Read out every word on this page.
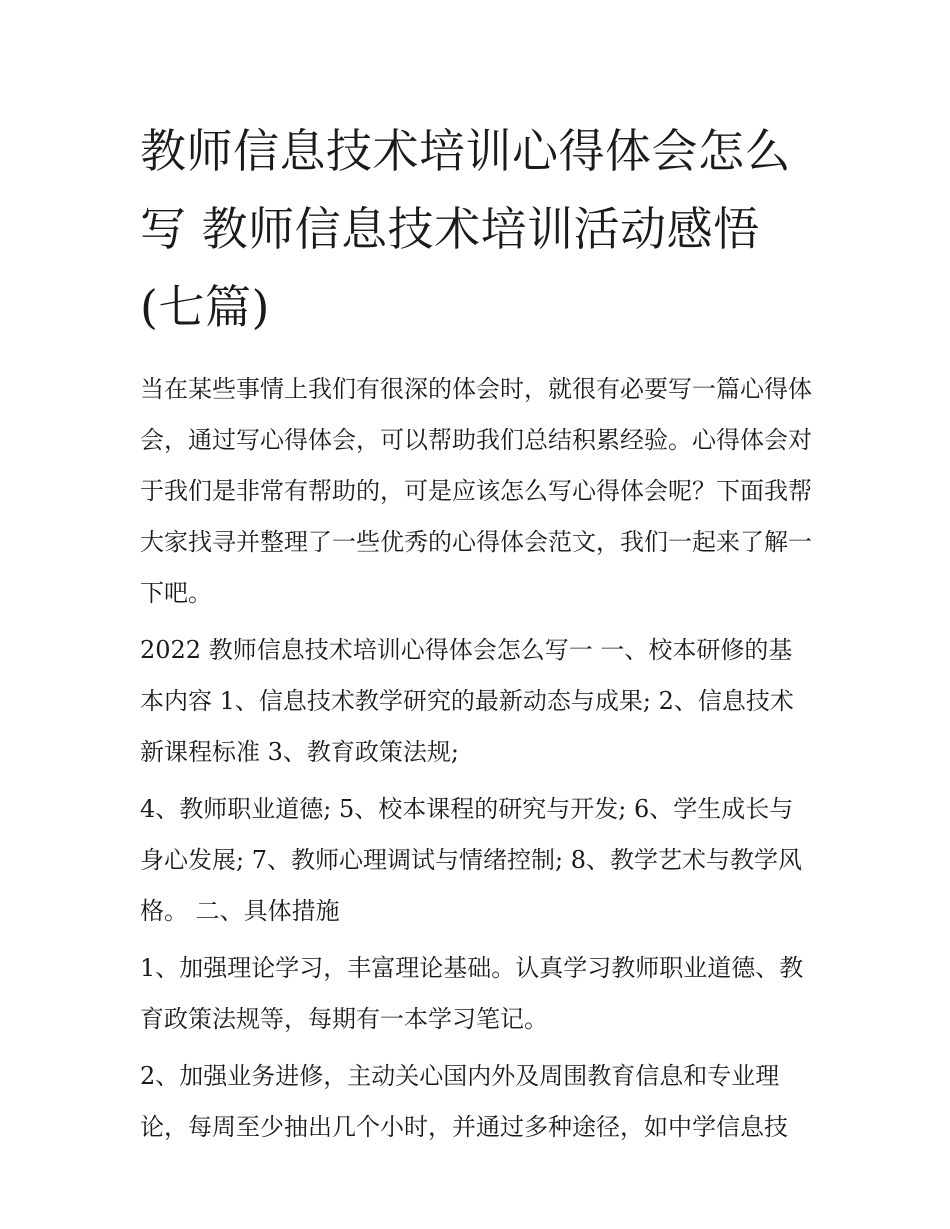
教师信息技术培训心得体会怎么写 教师信息技术培训活动感悟(七篇)

当在某些事情上我们有很深的体会时，就很有必要写一篇心得体会，通过写心得体会，可以帮助我们总结积累经验。心得体会对于我们是非常有帮助的，可是应该怎么写心得体会呢？下面我帮大家找寻并整理了一些优秀的心得体会范文，我们一起来了解一下吧。

2022 教师信息技术培训心得体会怎么写一 一、校本研修的基本内容 1、信息技术教学研究的最新动态与成果; 2、信息技术新课程标准 3、教育政策法规;

4、教师职业道德; 5、校本课程的研究与开发; 6、学生成长与身心发展; 7、教师心理调试与情绪控制; 8、教学艺术与教学风格。 二、具体措施

1、加强理论学习，丰富理论基础。认真学习教师职业道德、教育政策法规等，每期有一本学习笔记。

2、加强业务进修，主动关心国内外及周围教育信息和专业理论，每周至少抽出几个小时，并通过多种途径，如中学信息技
